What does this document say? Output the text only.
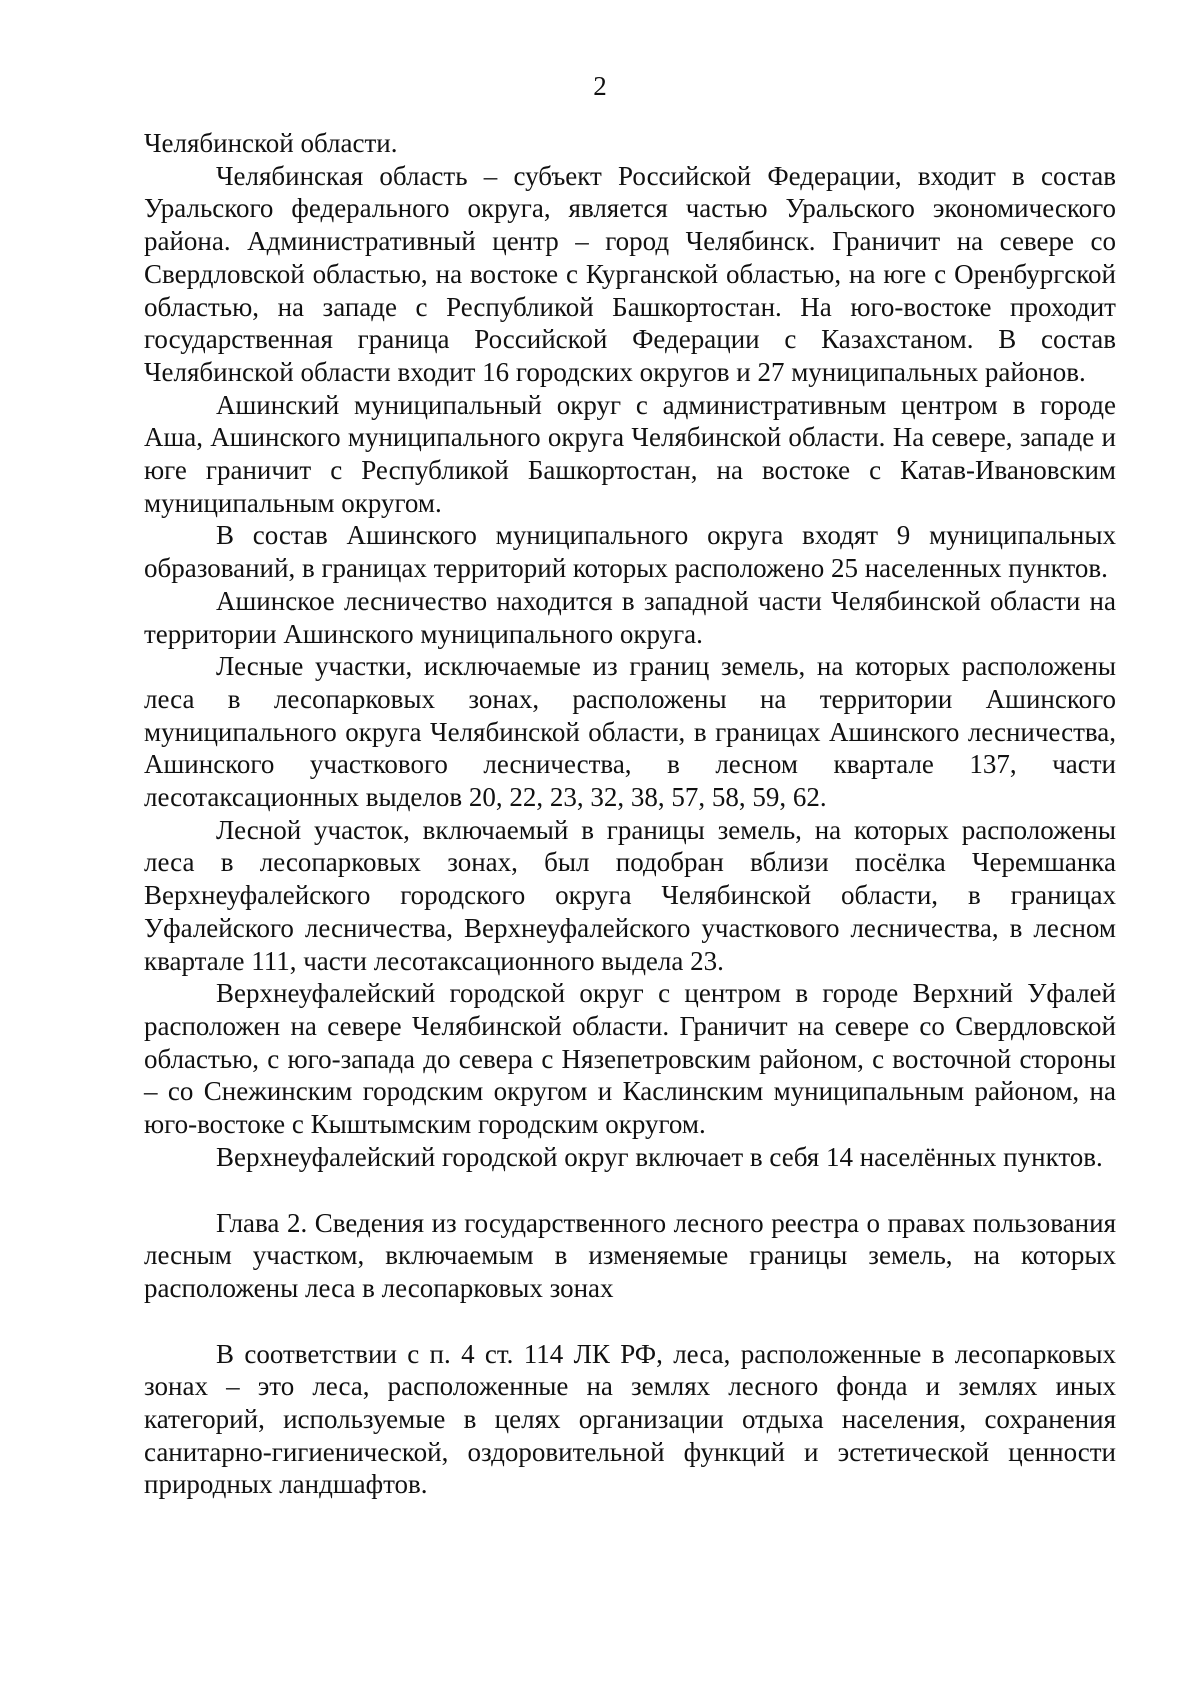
2

Челябинской области.

Челябинская область – субъект Российской Федерации, входит в состав Уральского федерального округа, является частью Уральского экономического района. Административный центр – город Челябинск. Граничит на севере со Свердловской областью, на востоке с Курганской областью, на юге с Оренбургской областью, на западе с Республикой Башкортостан. На юго-востоке проходит государственная граница Российской Федерации с Казахстаном. В состав Челябинской области входит 16 городских округов и 27 муниципальных районов.

Ашинский муниципальный округ с административным центром в городе Аша, Ашинского муниципального округа Челябинской области. На севере, западе и юге граничит с Республикой Башкортостан, на востоке с Катав-Ивановским муниципальным округом.

В состав Ашинского муниципального округа входят 9 муниципальных образований, в границах территорий которых расположено 25 населенных пунктов.

Ашинское лесничество находится в западной части Челябинской области на территории Ашинского муниципального округа.

Лесные участки, исключаемые из границ земель, на которых расположены леса в лесопарковых зонах, расположены на территории Ашинского муниципального округа Челябинской области, в границах Ашинского лесничества, Ашинского участкового лесничества, в лесном квартале 137, части лесотаксационных выделов 20, 22, 23, 32, 38, 57, 58, 59, 62.

Лесной участок, включаемый в границы земель, на которых расположены леса в лесопарковых зонах, был подобран вблизи посёлка Черемшанка Верхнеуфалейского городского округа Челябинской области, в границах Уфалейского лесничества, Верхнеуфалейского участкового лесничества, в лесном квартале 111, части лесотаксационного выдела 23.

Верхнеуфалейский городской округ с центром в городе Верхний Уфалей расположен на севере Челябинской области. Граничит на севере со Свердловской областью, с юго-запада до севера с Нязепетровским районом, с восточной стороны – со Снежинским городским округом и Каслинским муниципальным районом, на юго-востоке с Кыштымским городским округом.

Верхнеуфалейский городской округ включает в себя 14 населённых пунктов.

Глава 2. Сведения из государственного лесного реестра о правах пользования лесным участком, включаемым в изменяемые границы земель, на которых расположены леса в лесопарковых зонах

В соответствии с п. 4 ст. 114 ЛК РФ, леса, расположенные в лесопарковых зонах – это леса, расположенные на землях лесного фонда и землях иных категорий, используемые в целях организации отдыха населения, сохранения санитарно-гигиенической, оздоровительной функций и эстетической ценности природных ландшафтов.
